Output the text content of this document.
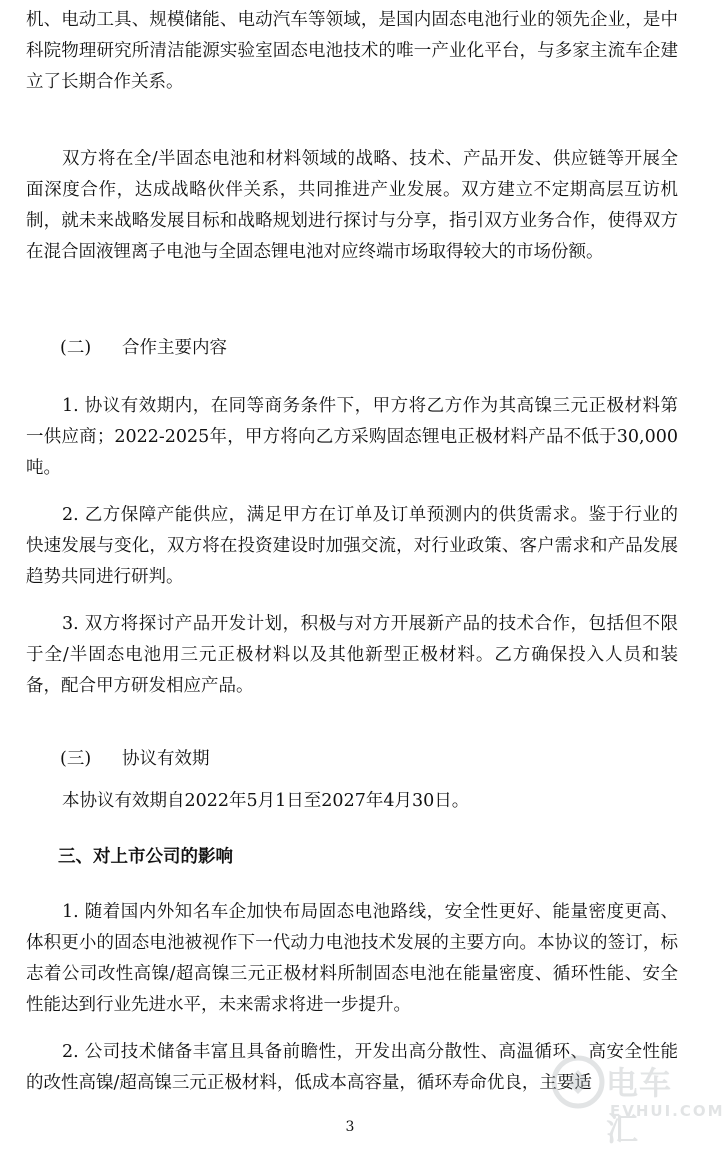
机、电动工具、规模储能、电动汽车等领域，是国内固态电池行业的领先企业，是中科院物理研究所清洁能源实验室固态电池技术的唯一产业化平台，与多家主流车企建立了长期合作关系。

双方将在全/半固态电池和材料领域的战略、技术、产品开发、供应链等开展全面深度合作，达成战略伙伴关系，共同推进产业发展。双方建立不定期高层互访机制，就未来战略发展目标和战略规划进行探讨与分享，指引双方业务合作，使得双方在混合固液锂离子电池与全固态锂电池对应终端市场取得较大的市场份额。

(二) 合作主要内容

1. 协议有效期内，在同等商务条件下，甲方将乙方作为其高镍三元正极材料第一供应商；2022-2025年，甲方将向乙方采购固态锂电正极材料产品不低于30,000吨。

2. 乙方保障产能供应，满足甲方在订单及订单预测内的供货需求。鉴于行业的快速发展与变化，双方将在投资建设时加强交流，对行业政策、客户需求和产品发展趋势共同进行研判。

3. 双方将探讨产品开发计划，积极与对方开展新产品的技术合作，包括但不限于全/半固态电池用三元正极材料以及其他新型正极材料。乙方确保投入人员和装备，配合甲方研发相应产品。

(三) 协议有效期

本协议有效期自2022年5月1日至2027年4月30日。

三、对上市公司的影响

1. 随着国内外知名车企加快布局固态电池路线，安全性更好、能量密度更高、体积更小的固态电池被视作下一代动力电池技术发展的主要方向。本协议的签订，标志着公司改性高镍/超高镍三元正极材料所制固态电池在能量密度、循环性能、安全性能达到行业先进水平，未来需求将进一步提升。

2. 公司技术储备丰富且具备前瞻性，开发出高分散性、高温循环、高安全性能的改性高镍/超高镍三元正极材料，低成本高容量，循环寿命优良，主要适

3
电车汇
EVHUI.COM
